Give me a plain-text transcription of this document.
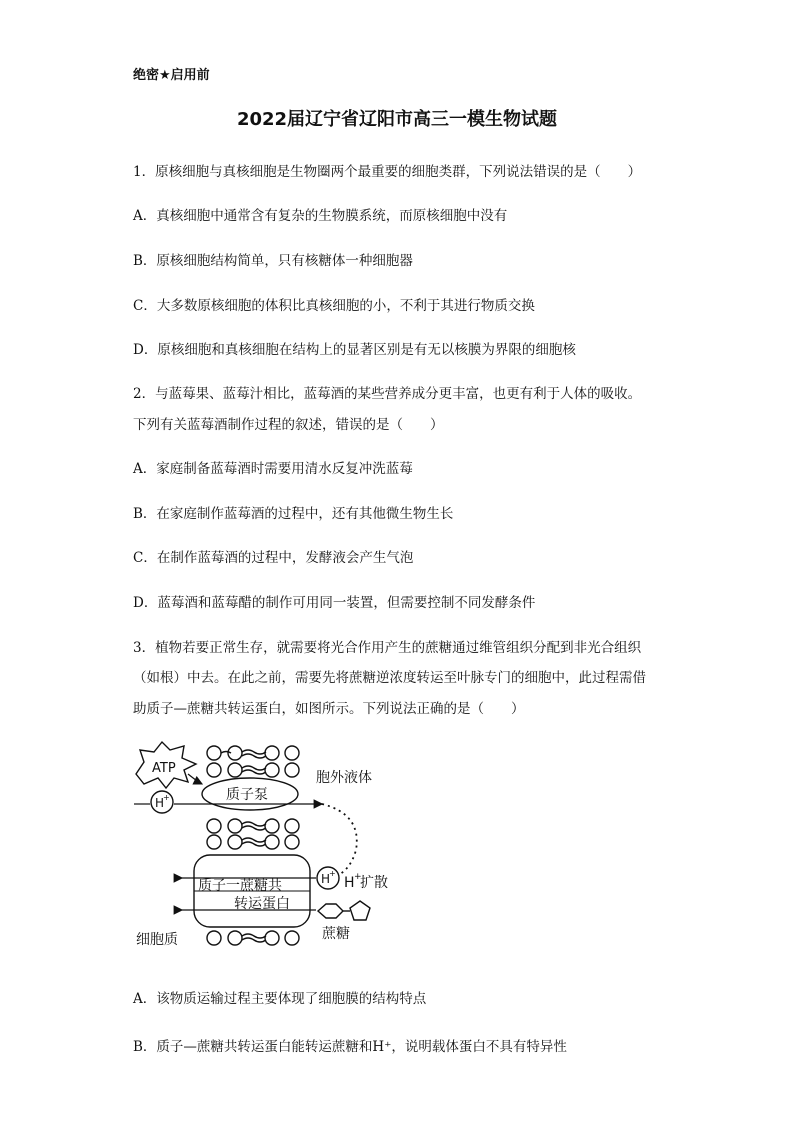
绝密★启用前
2022届辽宁省辽阳市高三一模生物试题
1．原核细胞与真核细胞是生物圈两个最重要的细胞类群，下列说法错误的是（　　）
A．真核细胞中通常含有复杂的生物膜系统，而原核细胞中没有
B．原核细胞结构简单，只有核糖体一种细胞器
C．大多数原核细胞的体积比真核细胞的小，不利于其进行物质交换
D．原核细胞和真核细胞在结构上的显著区别是有无以核膜为界限的细胞核
2．与蓝莓果、蓝莓汁相比，蓝莓酒的某些营养成分更丰富，也更有利于人体的吸收。
下列有关蓝莓酒制作过程的叙述，错误的是（　　）
A．家庭制备蓝莓酒时需要用清水反复冲洗蓝莓
B．在家庭制作蓝莓酒的过程中，还有其他微生物生长
C．在制作蓝莓酒的过程中，发酵液会产生气泡
D．蓝莓酒和蓝莓醋的制作可用同一装置，但需要控制不同发酵条件
3．植物若要正常生存，就需要将光合作用产生的蔗糖通过维管组织分配到非光合组织
（如根）中去。在此之前，需要先将蔗糖逆浓度转运至叶脉专门的细胞中，此过程需借
助质子—蔗糖共转运蛋白，如图所示。下列说法正确的是（　　）
ATP
质子泵
H
+
胞外液体
质子一蔗糖共
转运蛋白
H
+
H +
扩散
蔗糖
细胞质
A．该物质运输过程主要体现了细胞膜的结构特点
B．质子—蔗糖共转运蛋白能转运蔗糖和H⁺，说明载体蛋白不具有特异性
